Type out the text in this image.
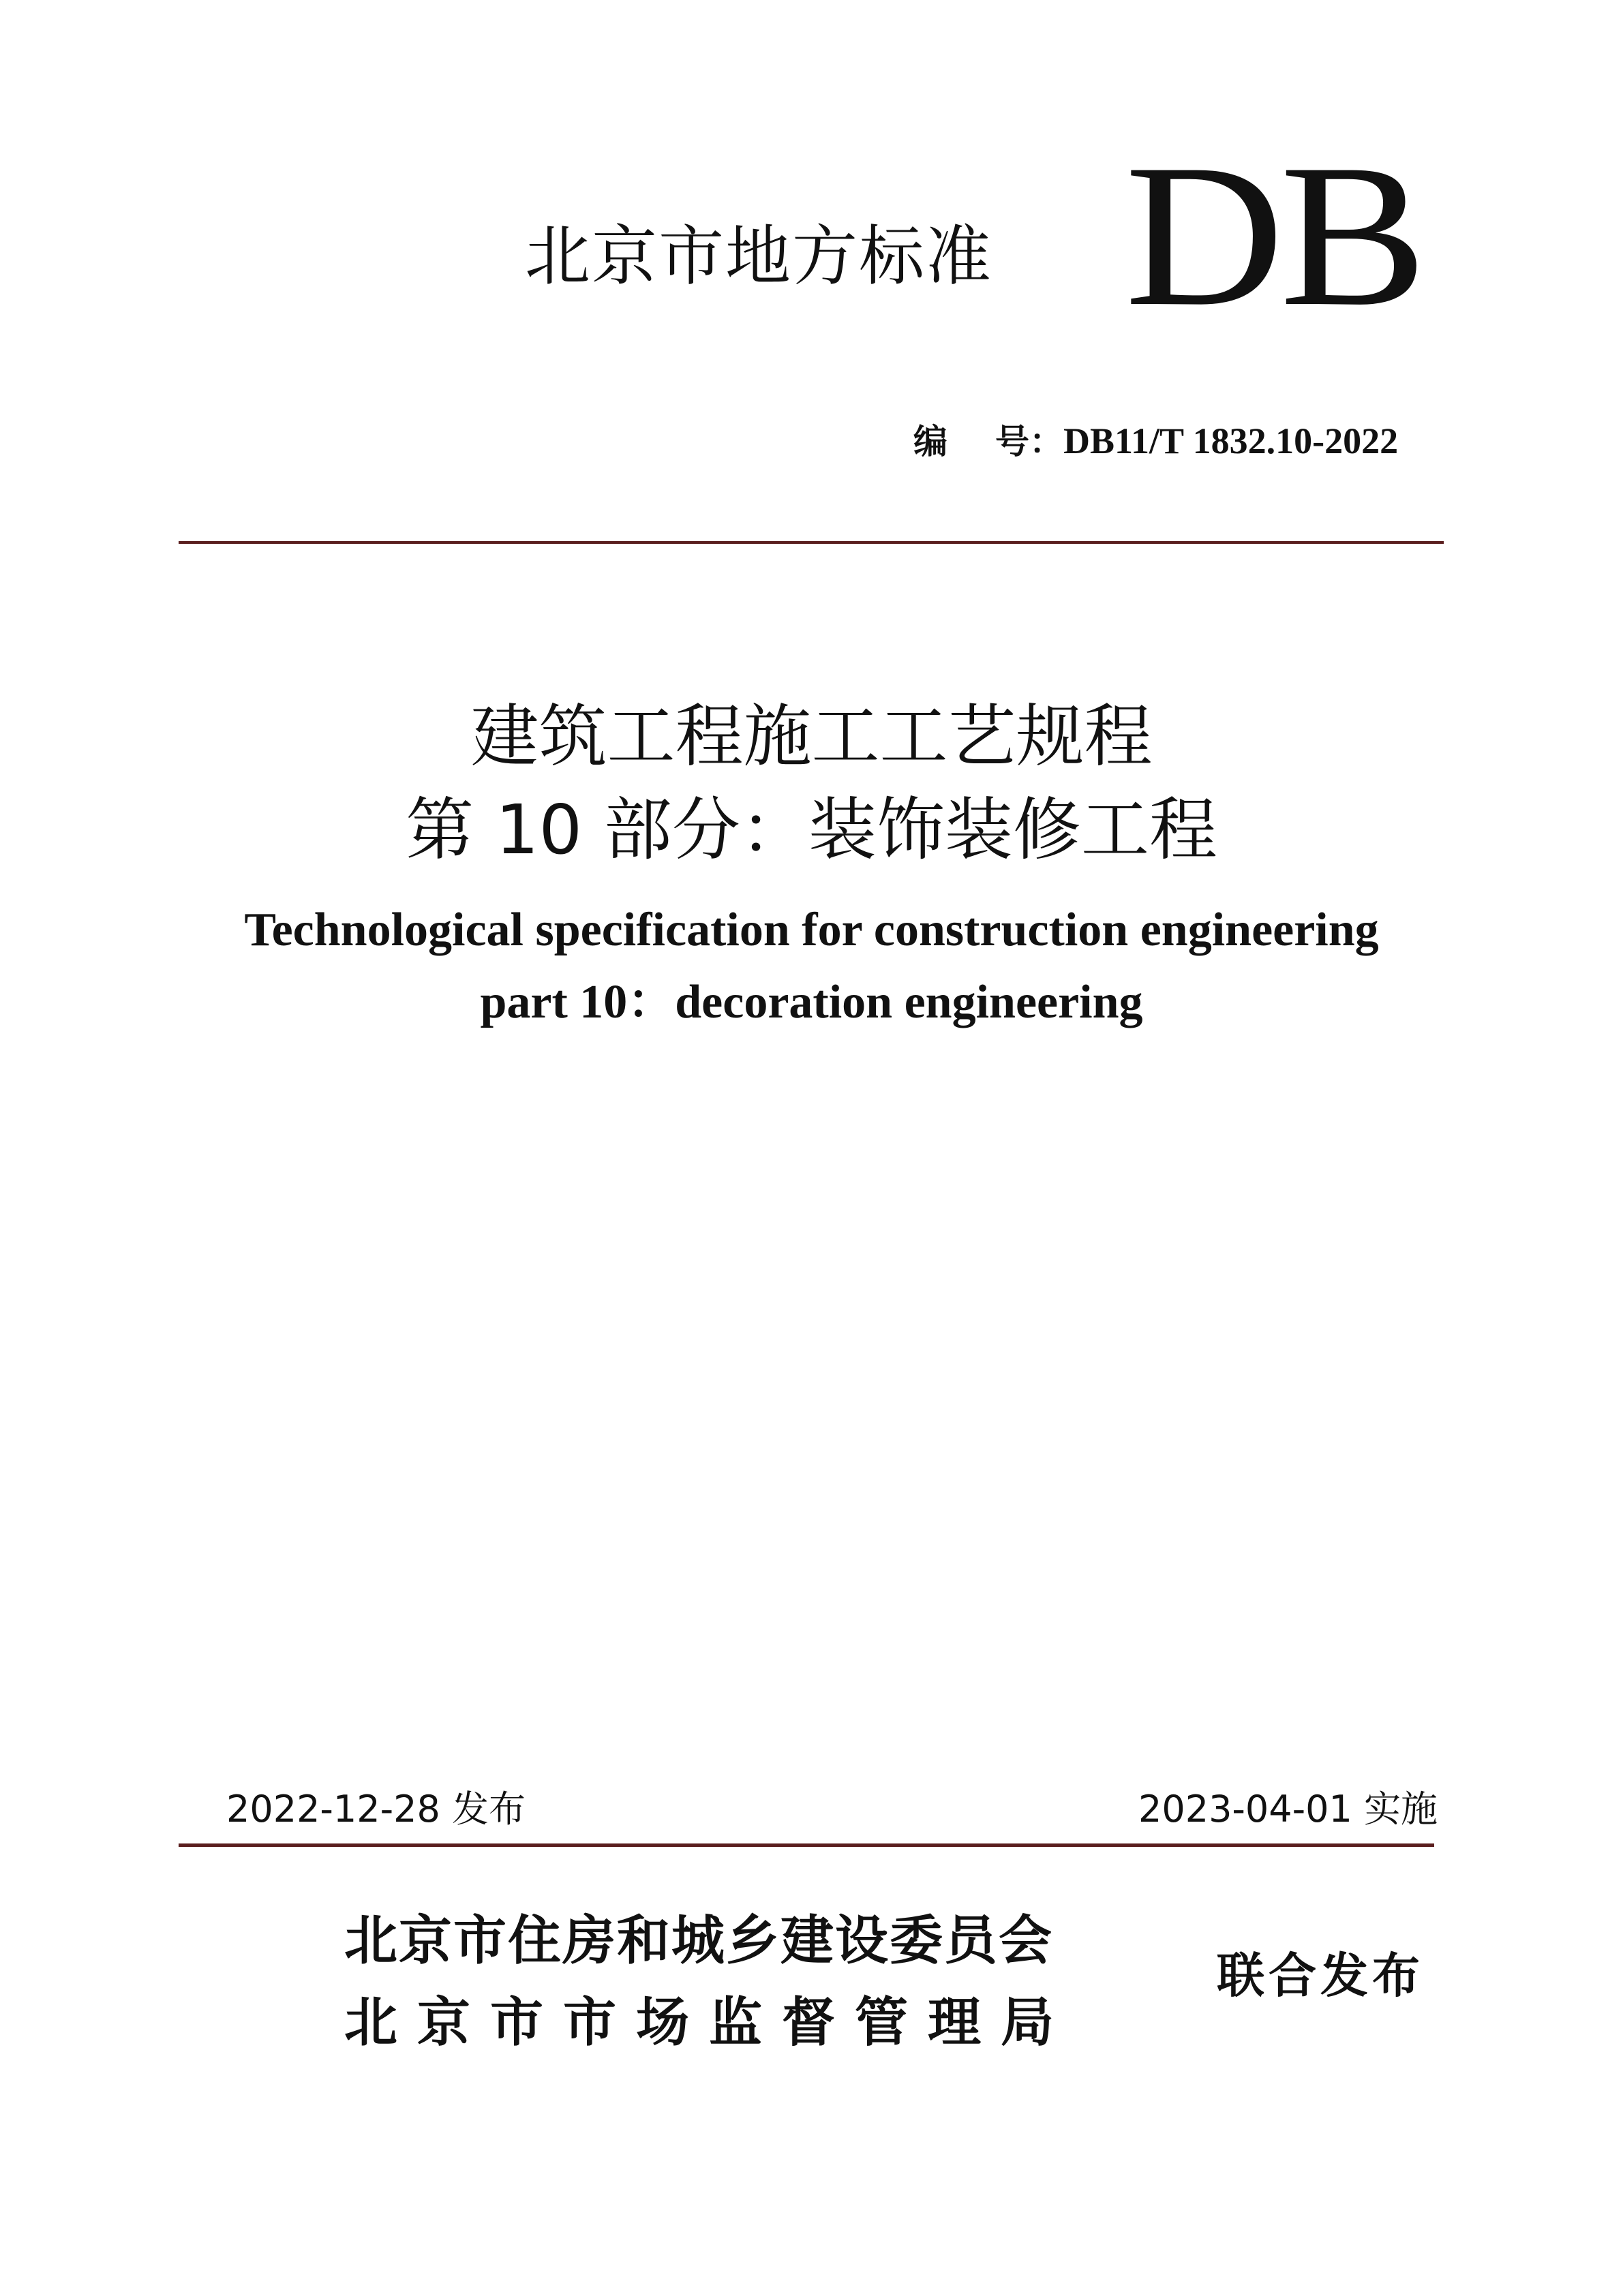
北京市地方标准 DB
编 号：DB11/T 1832.10-2022
建筑工程施工工艺规程
第 10 部分：装饰装修工程
Technological specification for construction engineering
part 10：decoration engineering
2022-12-28 发布	2023-04-01 实施
北京市住房和城乡建设委员会
北京市市场监督管理局
联合发布
